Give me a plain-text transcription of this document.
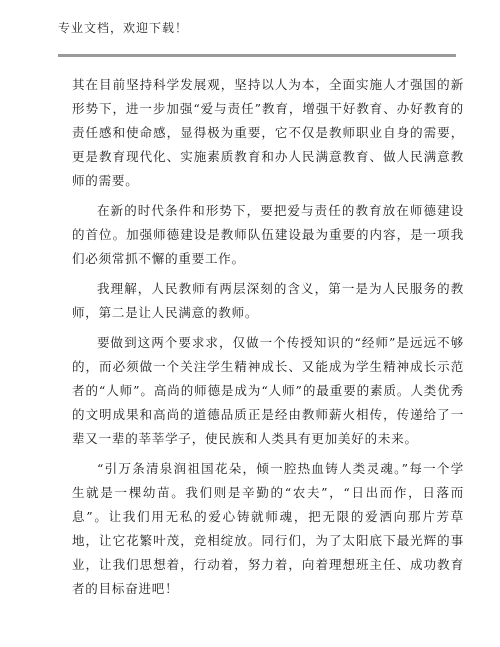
专业文档，欢迎下载！

其在目前坚持科学发展观，坚持以人为本，全面实施人才强国的新形势下，进一步加强“爱与责任”教育，增强干好教育、办好教育的责任感和使命感，显得极为重要，它不仅是教师职业自身的需要，更是教育现代化、实施素质教育和办人民满意教育、做人民满意教师的需要。

在新的时代条件和形势下，要把爱与责任的教育放在师德建设的首位。加强师德建设是教师队伍建设最为重要的内容，是一项我们必须常抓不懈的重要工作。

我理解，人民教师有两层深刻的含义，第一是为人民服务的教师，第二是让人民满意的教师。

要做到这两个要求求，仅做一个传授知识的“经师”是远远不够的，而必须做一个关注学生精神成长、又能成为学生精神成长示范者的“人师”。高尚的师德是成为“人师”的最重要的素质。人类优秀的文明成果和高尚的道德品质正是经由教师薪火相传，传递给了一辈又一辈的莘莘学子，使民族和人类具有更加美好的未来。

“引万条清泉润祖国花朵，倾一腔热血铸人类灵魂。”每一个学生就是一棵幼苗。我们则是辛勤的“农夫”，“日出而作，日落而息”。让我们用无私的爱心铸就师魂，把无限的爱洒向那片芳草地，让它花繁叶茂，竞相绽放。同行们，为了太阳底下最光辉的事业，让我们思想着，行动着，努力着，向着理想班主任、成功教育者的目标奋进吧！
